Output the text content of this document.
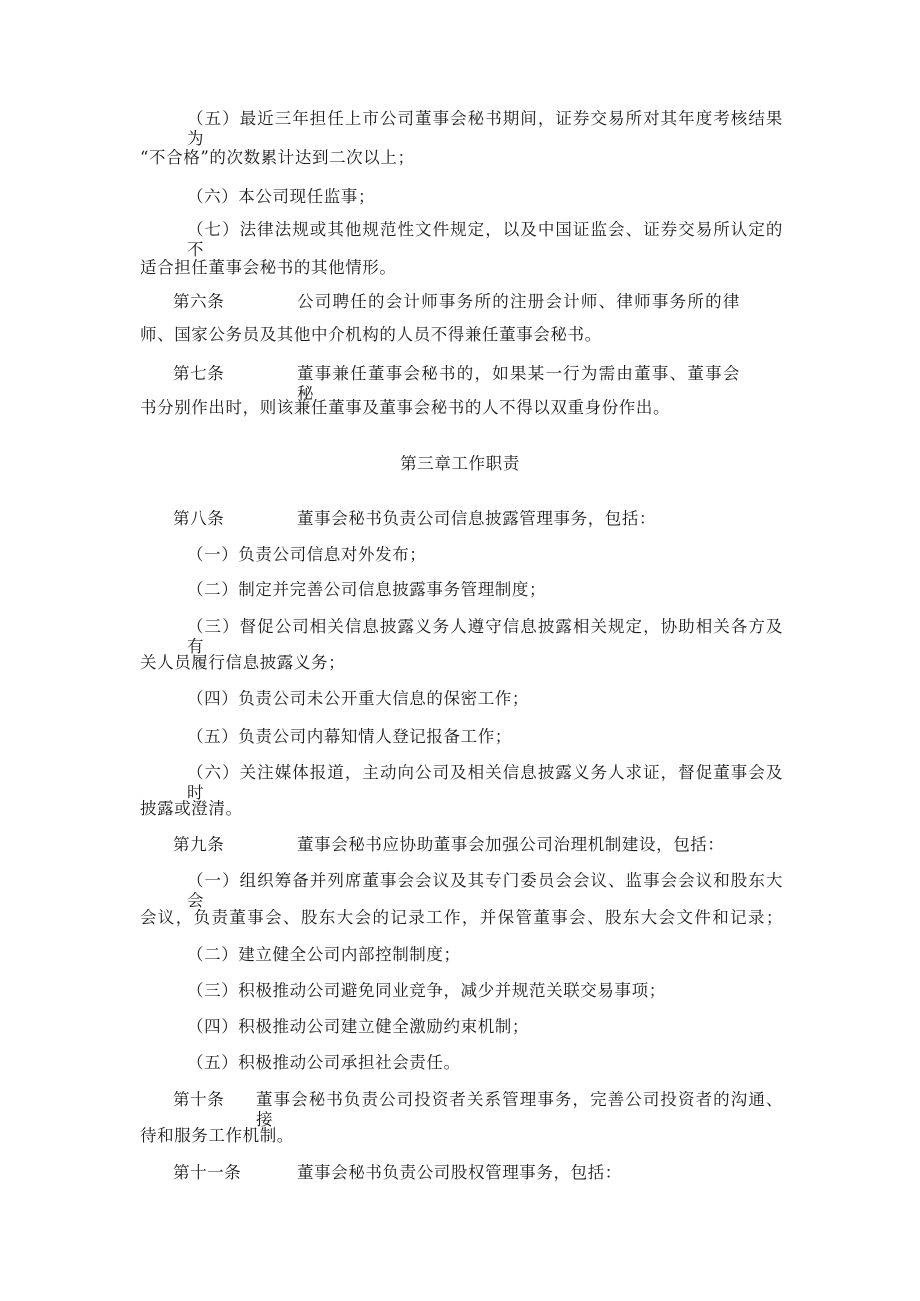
（五）最近三年担任上市公司董事会秘书期间，证券交易所对其年度考核结果为
“不合格”的次数累计达到二次以上；
（六）本公司现任监事；
（七）法律法规或其他规范性文件规定，以及中国证监会、证券交易所认定的不
适合担任董事会秘书的其他情形。
第六条	公司聘任的会计师事务所的注册会计师、律师事务所的律
师、国家公务员及其他中介机构的人员不得兼任董事会秘书。
第七条	董事兼任董事会秘书的，如果某一行为需由董事、董事会秘
书分别作出时，则该兼任董事及董事会秘书的人不得以双重身份作出。
第三章工作职责
第八条	董事会秘书负责公司信息披露管理事务，包括：
（一）负责公司信息对外发布；
（二）制定并完善公司信息披露事务管理制度；
（三）督促公司相关信息披露义务人遵守信息披露相关规定，协助相关各方及有
关人员履行信息披露义务；
（四）负责公司未公开重大信息的保密工作；
（五）负责公司内幕知情人登记报备工作；
（六）关注媒体报道，主动向公司及相关信息披露义务人求证，督促董事会及时
披露或澄清。
第九条	董事会秘书应协助董事会加强公司治理机制建设，包括：
（一）组织筹备并列席董事会会议及其专门委员会会议、监事会会议和股东大会
会议，负责董事会、股东大会的记录工作，并保管董事会、股东大会文件和记录；
（二）建立健全公司内部控制制度；
（三）积极推动公司避免同业竞争，减少并规范关联交易事项；
（四）积极推动公司建立健全激励约束机制；
（五）积极推动公司承担社会责任。
第十条 董事会秘书负责公司投资者关系管理事务，完善公司投资者的沟通、接
待和服务工作机制。
第十一条	董事会秘书负责公司股权管理事务，包括：
